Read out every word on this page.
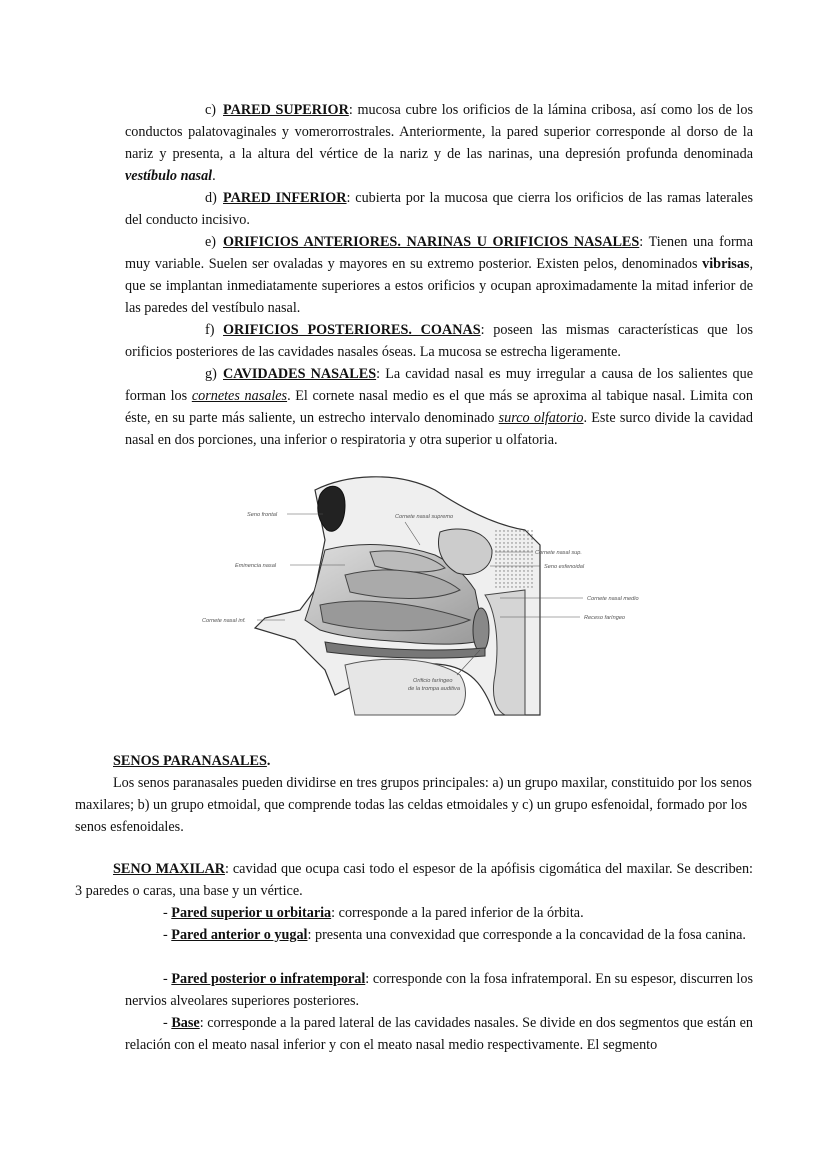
c) PARED SUPERIOR: mucosa cubre los orificios de la lámina cribosa, así como los de los conductos palatovaginales y vomerorrostrales. Anteriormente, la pared superior corresponde al dorso de la nariz y presenta, a la altura del vértice de la nariz y de las narinas, una depresión profunda denominada vestíbulo nasal.

d) PARED INFERIOR: cubierta por la mucosa que cierra los orificios de las ramas laterales del conducto incisivo.

e) ORIFICIOS ANTERIORES. NARINAS U ORIFICIOS NASALES: Tienen una forma muy variable. Suelen ser ovaladas y mayores en su extremo posterior. Existen pelos, denominados vibrisas, que se implantan inmediatamente superiores a estos orificios y ocupan aproximadamente la mitad inferior de las paredes del vestíbulo nasal.

f) ORIFICIOS POSTERIORES. COANAS: poseen las mismas características que los orificios posteriores de las cavidades nasales óseas. La mucosa se estrecha ligeramente.

g) CAVIDADES NASALES: La cavidad nasal es muy irregular a causa de los salientes que forman los cornetes nasales. El cornete nasal medio es el que más se aproxima al tabique nasal. Limita con éste, en su parte más saliente, un estrecho intervalo denominado surco olfatorio. Este surco divide la cavidad nasal en dos porciones, una inferior o respiratoria y otra superior u olfatoria.

Seno frontal	Cornete nasal supremo
Cornete nasal sup.
Seno esfenoidal
Eminencia nasal
Cornete nasal medio
Receso faríngeo
Cornete nasal inf.
Orificio faríngeo
de la trompa auditiva

SENOS PARANASALES.

Los senos paranasales pueden dividirse en tres grupos principales: a) un grupo maxilar, constituido por los senos maxilares; b) un grupo etmoidal, que comprende todas las celdas etmoidales y c) un grupo esfenoidal, formado por los senos esfenoidales.

SENO MAXILAR: cavidad que ocupa casi todo el espesor de la apófisis cigomática del maxilar. Se describen: 3 paredes o caras, una base y un vértice.

- Pared superior u orbitaria: corresponde a la pared inferior de la órbita.

- Pared anterior o yugal: presenta una convexidad que corresponde a la concavidad de la fosa canina.

- Pared posterior o infratemporal: corresponde con la fosa infratemporal. En su espesor, discurren los nervios alveolares superiores posteriores.

- Base: corresponde a la pared lateral de las cavidades nasales. Se divide en dos segmentos que están en relación con el meato nasal inferior y con el meato nasal medio respectivamente. El segmento
